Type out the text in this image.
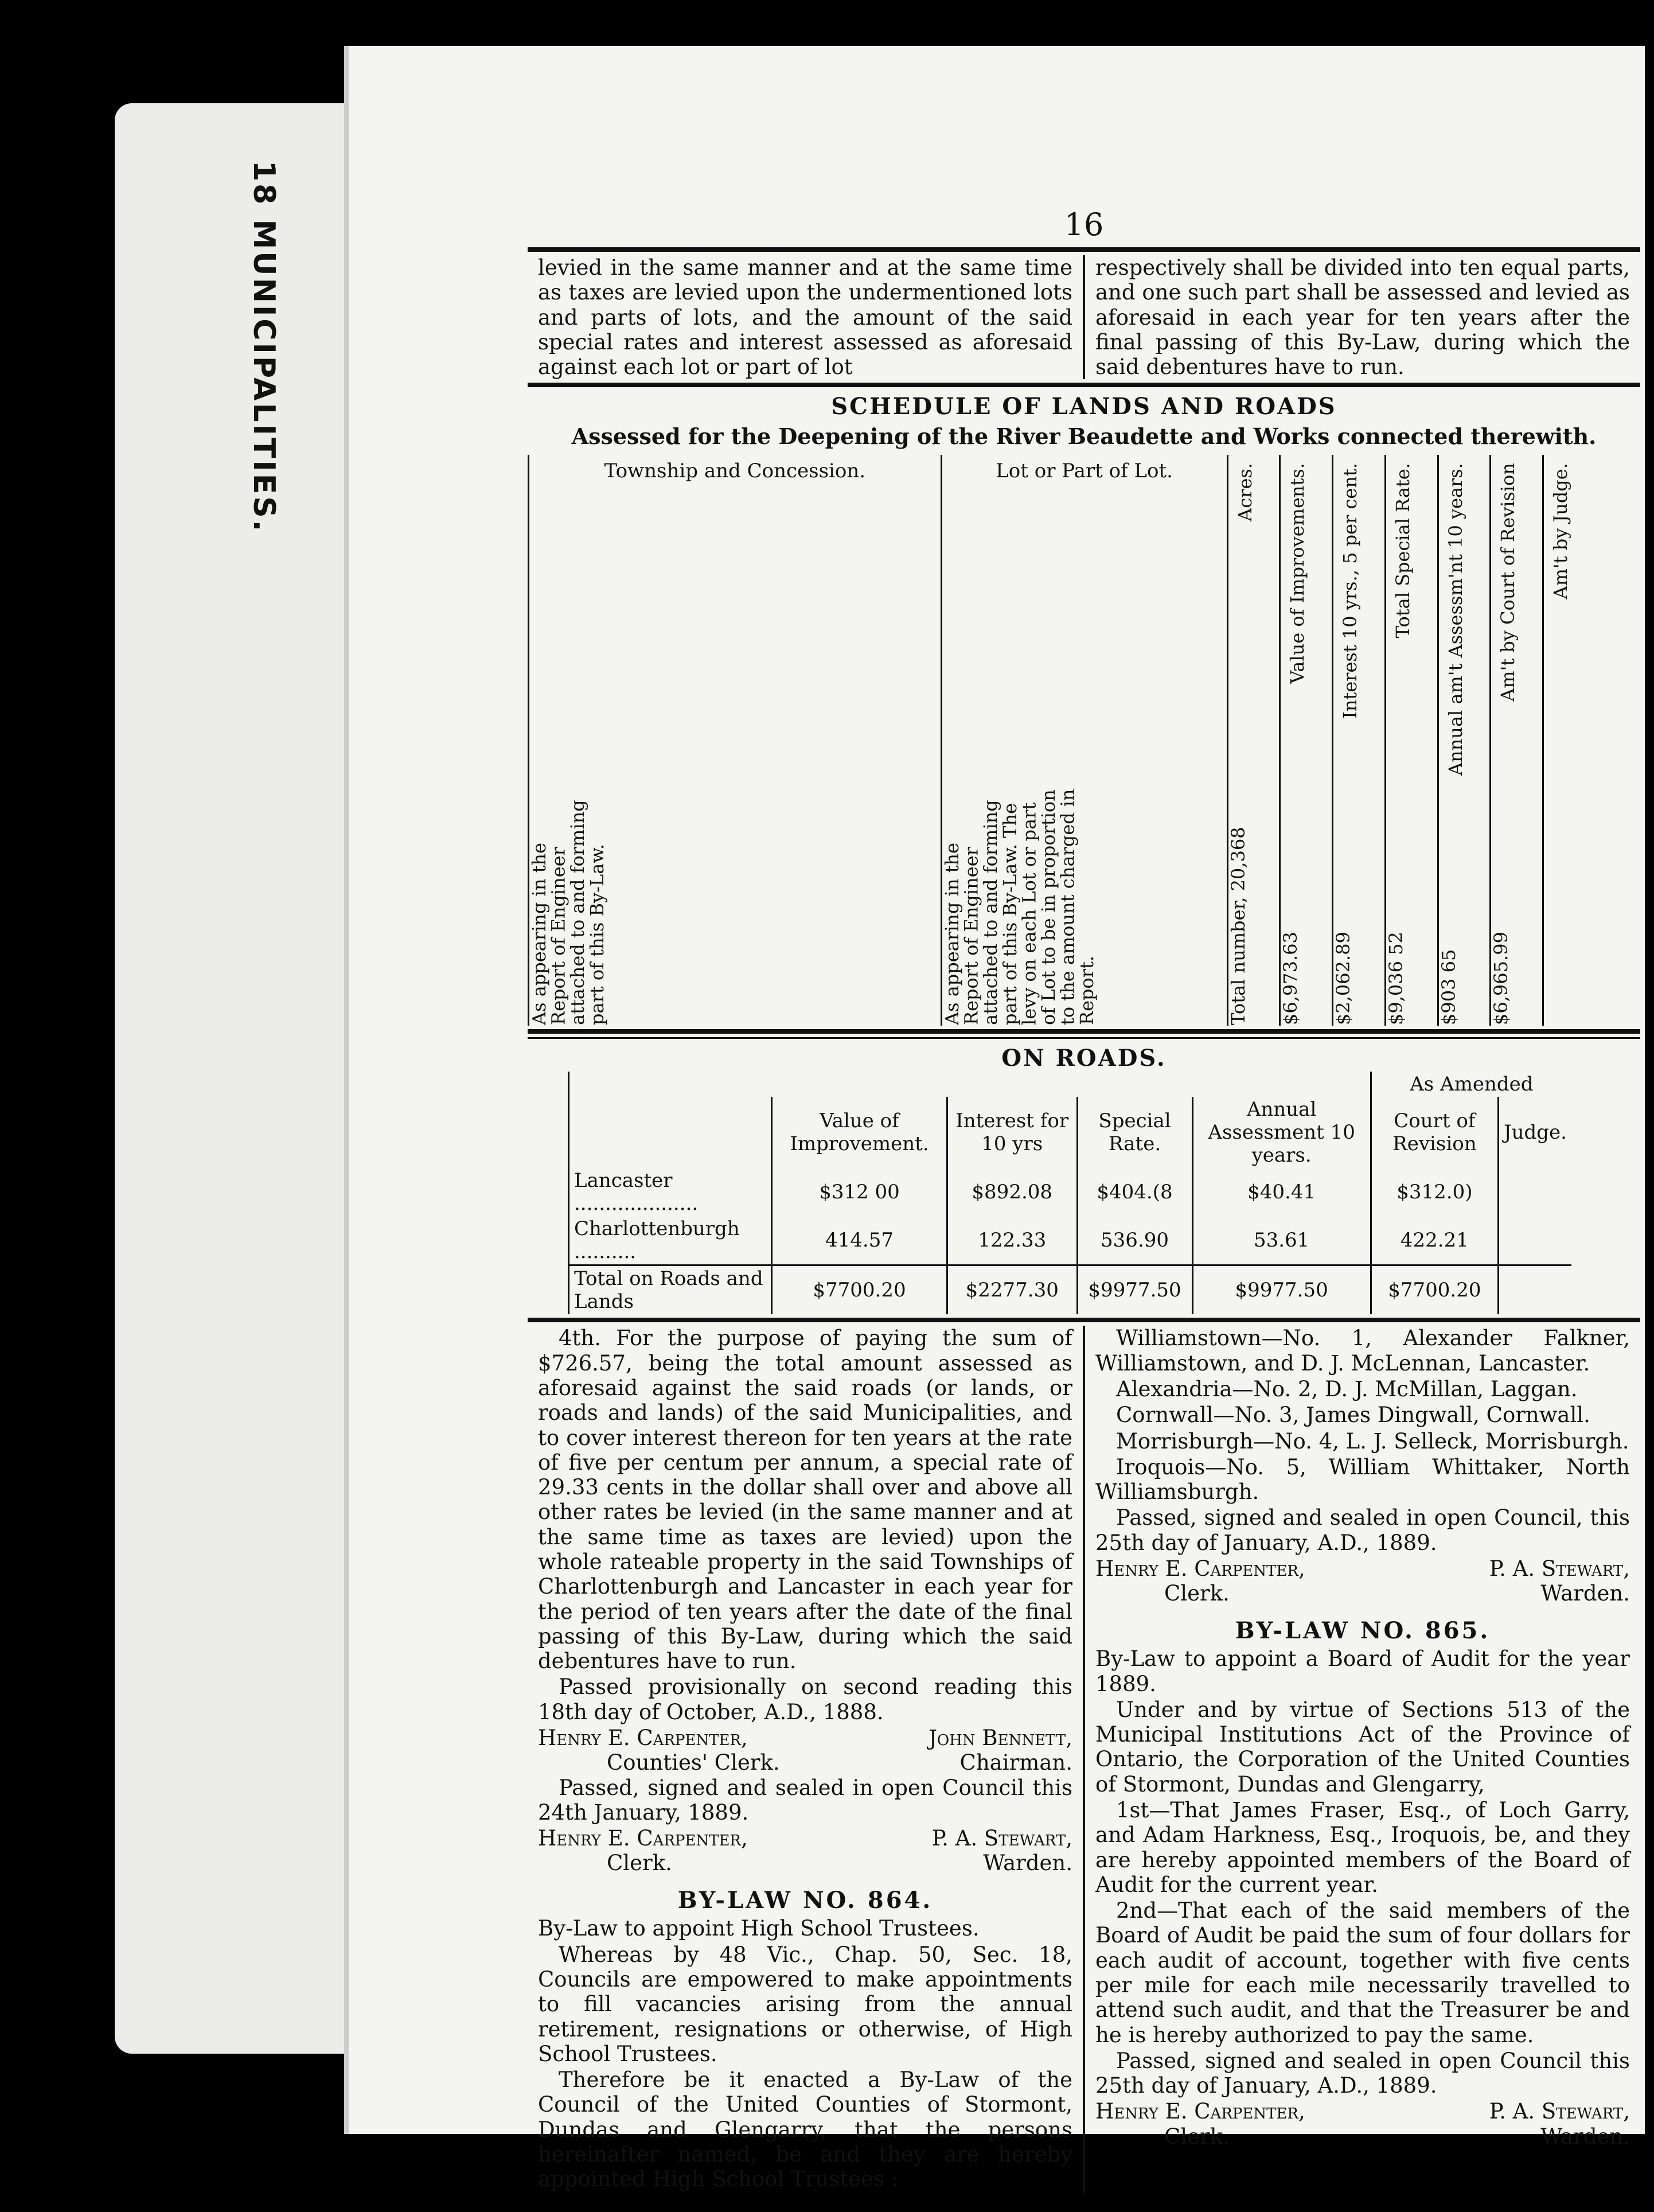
18 MUNICIPALITIES.	16
levied in the same manner and at the same time as taxes are levied upon the undermentioned lots and parts of lots, and the amount of the said special rates and interest assessed as aforesaid against each lot or part of lot
respectively shall be divided into ten equal parts, and one such part shall be assessed and levied as aforesaid in each year for ten years after the final passing of this By-Law, during which the said debentures have to run.
SCHEDULE OF LANDS AND ROADS
Assessed for the Deepening of the River Beaudette and Works connected therewith.
Township and Concession.	Lot or Part of Lot.	Acres.	Value of Improvements.	Interest 10 yrs., 5 per cent.	Total Special Rate.	Annual am't Assessm'nt 10 years.	Am't by Court of Revision	Am't by Judge.

As appearing in the Report of Engineer attached to and forming part of this By-Law.	As appearing in the Report of Engineer attached to and forming part of this By-Law. The levy on each Lot or part of Lot to be in proportion to the amount charged in Report.	Total number, 20,368	$6,973.63	$2,062.89	$9,036 52	$903 65	$6,965.99	

ON ROADS.
					As Amended	
	Value of Improvement.	Interest for 10 yrs	Special Rate.	Annual Assessment 10 years.	Court of Revision	Judge.
Lancaster ....................	$312 00	$892.08	$404.(8	$40.41	$312.0)	
Charlottenburgh ..........	414.57	122.33	536.90	53.61	422.21	
Total on Roads and Lands	$7700.20	$2277.30	$9977.50	$9977.50	$7700.20	

4th. For the purpose of paying the sum of $726.57, being the total amount assessed as aforesaid against the said roads (or lands, or roads and lands) of the said Municipalities, and to cover interest thereon for ten years at the rate of five per centum per annum, a special rate of 29.33 cents in the dollar shall over and above all other rates be levied (in the same manner and at the same time as taxes are levied) upon the whole rateable property in the said Townships of Charlottenburgh and Lancaster in each year for the period of ten years after the date of the final passing of this By-Law, during which the said debentures have to run.

Passed provisionally on second reading this 18th day of October, A.D., 1888.

Henry E. Carpenter,	John Bennett,
Counties' Clerk.	Chairman.

Passed, signed and sealed in open Council this 24th January, 1889.

Henry E. Carpenter,	P. A. Stewart,
Clerk.	Warden.
BY-LAW NO. 864.

By-Law to appoint High School Trustees.

Whereas by 48 Vic., Chap. 50, Sec. 18, Councils are empowered to make appointments to fill vacancies arising from the annual retirement, resignations or otherwise, of High School Trustees.

Therefore be it enacted a By-Law of the Council of the United Counties of Stormont, Dundas and Glengarry, that the persons hereinafter named, be and they are hereby appointed High School Trustees :

Williamstown—No. 1, Alexander Falkner, Williamstown, and D. J. McLennan, Lancaster.

Alexandria—No. 2, D. J. McMillan, Laggan.

Cornwall—No. 3, James Dingwall, Cornwall.

Morrisburgh—No. 4, L. J. Selleck, Morrisburgh.

Iroquois—No. 5, William Whittaker, North Williamsburgh.

Passed, signed and sealed in open Council, this 25th day of January, A.D., 1889.

Henry E. Carpenter,	P. A. Stewart,
Clerk.	Warden.
BY-LAW NO. 865.

By-Law to appoint a Board of Audit for the year 1889.

Under and by virtue of Sections 513 of the Municipal Institutions Act of the Province of Ontario, the Corporation of the United Counties of Stormont, Dundas and Glengarry,

1st—That James Fraser, Esq., of Loch Garry, and Adam Harkness, Esq., Iroquois, be, and they are hereby appointed members of the Board of Audit for the current year.

2nd—That each of the said members of the Board of Audit be paid the sum of four dollars for each audit of account, together with five cents per mile for each mile necessarily travelled to attend such audit, and that the Treasurer be and he is hereby authorized to pay the same.

Passed, signed and sealed in open Council this 25th day of January, A.D., 1889.

Henry E. Carpenter,	P. A. Stewart,
Clerk.	Warden.
